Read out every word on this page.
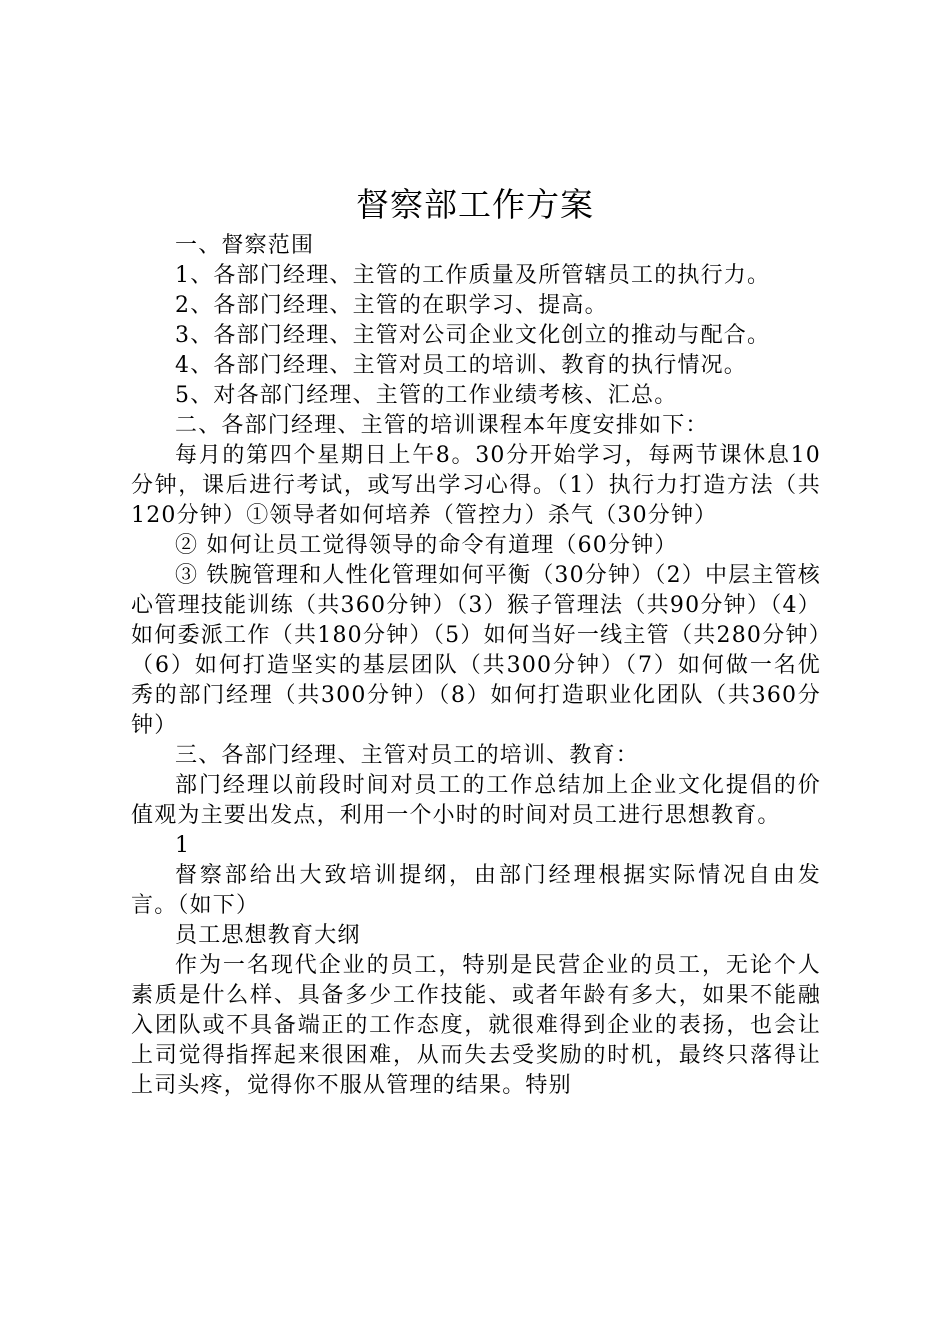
督察部工作方案

一、督察范围

1、各部门经理、主管的工作质量及所管辖员工的执行力。

2、各部门经理、主管的在职学习、提高。

3、各部门经理、主管对公司企业文化创立的推动与配合。

4、各部门经理、主管对员工的培训、教育的执行情况。

5、对各部门经理、主管的工作业绩考核、汇总。

二、各部门经理、主管的培训课程本年度安排如下：

每月的第四个星期日上午8。30分开始学习，每两节课休息10分钟，课后进行考试，或写出学习心得。（1）执行力打造方法（共120分钟）①领导者如何培养（管控力）杀气（30分钟）

② 如何让员工觉得领导的命令有道理（60分钟）

③ 铁腕管理和人性化管理如何平衡（30分钟）（2）中层主管核心管理技能训练（共360分钟）（3）猴子管理法（共90分钟）（4）如何委派工作（共180分钟）（5）如何当好一线主管（共280分钟）（6）如何打造坚实的基层团队（共300分钟）（7）如何做一名优秀的部门经理（共300分钟）（8）如何打造职业化团队（共360分钟）

三、各部门经理、主管对员工的培训、教育：

部门经理以前段时间对员工的工作总结加上企业文化提倡的价值观为主要出发点，利用一个小时的时间对员工进行思想教育。

1

督察部给出大致培训提纲，由部门经理根据实际情况自由发言。（如下）

员工思想教育大纲

作为一名现代企业的员工，特别是民营企业的员工，无论个人素质是什么样、具备多少工作技能、或者年龄有多大，如果不能融入团队或不具备端正的工作态度，就很难得到企业的表扬，也会让上司觉得指挥起来很困难，从而失去受奖励的时机，最终只落得让上司头疼，觉得你不服从管理的结果。特别
